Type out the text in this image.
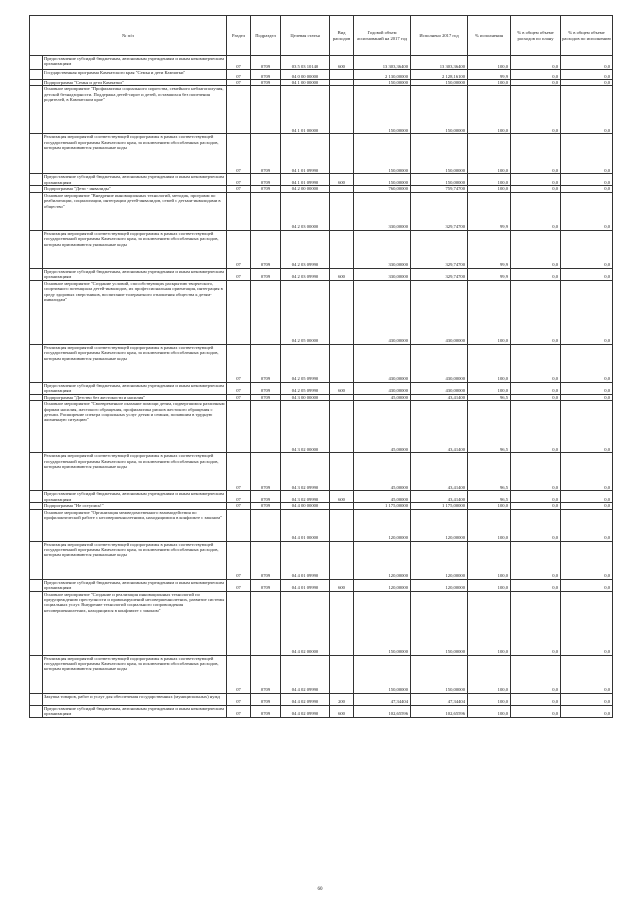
№ п/п		Раздел	Подраздел	Целевая статья	Вид расходов	Годовой объем ассигнований на 2017 год	Исполнено 2017 год	% исполнения	% в общем объеме расходов по плану	% в общем объеме расходов по исполнению
	Предоставление субсидий бюджетным, автономным учреждениям и иным некоммерческим организациям	07	0709	03 5 03 10140	600	13 303,36400	13 303,36400	100,0	0,0	0,0
	Государственная программа Камчатского края "Семья и дети Камчатки"	07	0709	04 0 00 00000		2 130,00000	2 128,16100	99,9	0,0	0,0
	Подпрограмма "Семья и дети Камчатки"	07	0709	04 1 00 00000		150,00000	150,00000	100,0	0,0	0,0
	Основное мероприятие "Профилактика социального сиротства, семейного неблагополучия, детской безнадзорности. Поддержка детей-сирот и детей, оставшихся без попечения родителей, в Камчатском крае"			04 1 01 00000		150,00000	150,00000	100,0	0,0	0,0
	Реализация мероприятий соответствующей подпрограммы в рамках соответствующей государственной программы Камчатского края, за исключением обособленных расходов, которым присваиваются уникальные коды	07	0709	04 1 01 09990		150,00000	150,00000	100,0	0,0	0,0
	Предоставление субсидий бюджетным, автономным учреждениям и иным некоммерческим организациям	07	0709	04 1 01 09990	600	150,00000	150,00000	100,0	0,0	0,0
	Подпрограмма "Дети - инвалиды"	07	0709	04 2 00 00000		760,00000	759,74700	100,0	0,0	0,0
	Основное мероприятие "Внедрение инновационных технологий, методик, программ по реабилитации, социализации, интеграции детей-инвалидов, семей с детьми-инвалидами в общество"			04 2 03 00000		330,00000	329,74700	99,9	0,0	0,0
	Реализация мероприятий соответствующей подпрограммы в рамках соответствующей государственной программы Камчатского края, за исключением обособленных расходов, которым присваиваются уникальные коды	07	0709	04 2 03 09990		330,00000	329,74700	99,9	0,0	0,0
	Предоставление субсидий бюджетным, автономным учреждениям и иным некоммерческим организациям	07	0709	04 2 03 09990	600	330,00000	329,74700	99,9	0,0	0,0
	Основное мероприятие "Создание условий, способствующих раскрытию творческого, спортивного потенциала детей-инвалидов, их профессиональная ориентация, интеграция в среду здоровых сверстников, воспитание толерантного отношения общества к детям-инвалидам"			04 2 05 00000		430,00000	430,00000	100,0	0,0	0,0
	Реализация мероприятий соответствующей подпрограммы в рамках соответствующей государственной программы Камчатского края, за исключением обособленных расходов, которым присваиваются уникальные коды	07	0709	04 2 05 09990		430,00000	430,00000	100,0	0,0	0,0
	Предоставление субсидий бюджетным, автономным учреждениям и иным некоммерческим организациям	07	0709	04 2 05 09990	600	430,00000	430,00000	100,0	0,0	0,0
	Подпрограмма "Детство без жестокости и насилия"	07	0709	04 3 00 00000		45,00000	43,41400	96,5	0,0	0,0
	Основное мероприятие "Своевременное оказание помощи детям, подвергшимся различным формам насилия, жестокого обращения, профилактика рисков жестокого обращения с детьми. Расширение спектра социальных услуг детям и семьям, попавшим в трудную жизненную ситуацию"			04 3 02 00000		45,00000	43,41400	96,5	0,0	0,0
	Реализация мероприятий соответствующей подпрограммы в рамках соответствующей государственной программы Камчатского края, за исключением обособленных расходов, которым присваиваются уникальные коды	07	0709	04 3 02 09990		45,00000	43,41400	96,5	0,0	0,0
	Предоставление субсидий бюджетным, автономным учреждениям и иным некоммерческим организациям	07	0709	04 3 02 09990	600	45,00000	43,41400	96,5	0,0	0,0
	Подпрограмма "Не оступись!"	07	0709	04 4 00 00000		1 175,00000	1 175,00000	100,0	0,0	0,0
	Основное мероприятие "Организация межведомственного взаимодействия по профилактической работе с несовершеннолетними, находящимися в конфликте с законом"			04 4 01 00000		120,00000	120,00000	100,0	0,0	0,0
	Реализация мероприятий соответствующей подпрограммы в рамках соответствующей государственной программы Камчатского края, за исключением обособленных расходов, которым присваиваются уникальные коды	07	0709	04 4 01 09990		120,00000	120,00000	100,0	0,0	0,0
	Предоставление субсидий бюджетным, автономным учреждениям и иным некоммерческим организациям	07	0709	04 4 01 09990	600	120,00000	120,00000	100,0	0,0	0,0
	Основное мероприятие "Создание и реализация инновационных технологий по предупреждению преступности и правонарушений несовершеннолетних, развитие системы социальных услуг. Внедрение технологий социального сопровождения несовершеннолетних, находящихся в конфликте с законом"			04 4 02 00000		150,00000	150,00000	100,0	0,0	0,0
	Реализация мероприятий соответствующей подпрограммы в рамках соответствующей государственной программы Камчатского края, за исключением обособленных расходов, которым присваиваются уникальные коды	07	0709	04 4 02 09990		150,00000	150,00000	100,0	0,0	0,0
	Закупка товаров, работ и услуг для обеспечения государственных (муниципальных) нужд	07	0709	04 4 02 09990	200	47,34404	47,34404	100,0	0,0	0,0
	Предоставление субсидий бюджетным, автономным учреждениям и иным некоммерческим организациям	07	0709	04 4 02 09990	600	102,65596	102,65596	100,0	0,0	0,0
60
